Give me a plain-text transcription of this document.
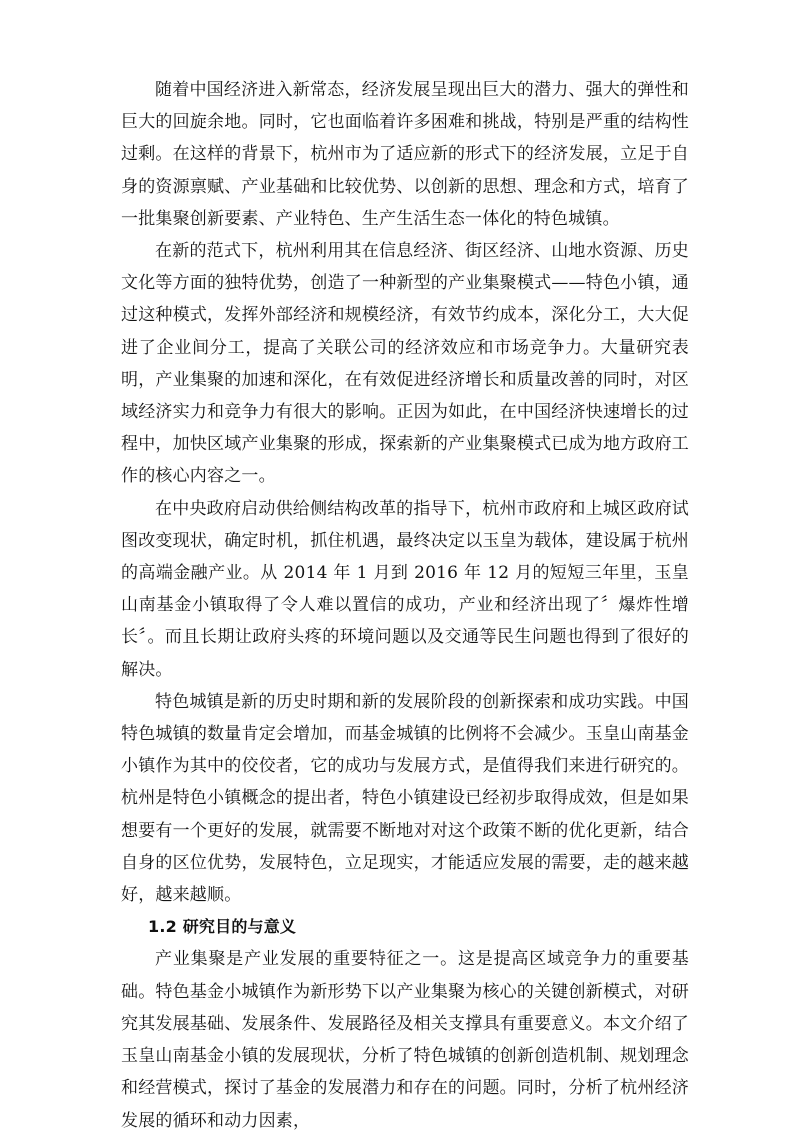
随着中国经济进入新常态，经济发展呈现出巨大的潜力、强大的弹性和巨大的回旋余地。同时，它也面临着许多困难和挑战，特别是严重的结构性过剩。在这样的背景下，杭州市为了适应新的形式下的经济发展，立足于自身的资源禀赋、产业基础和比较优势、以创新的思想、理念和方式，培育了一批集聚创新要素、产业特色、生产生活生态一体化的特色城镇。

在新的范式下，杭州利用其在信息经济、街区经济、山地水资源、历史文化等方面的独特优势，创造了一种新型的产业集聚模式——特色小镇，通过这种模式，发挥外部经济和规模经济，有效节约成本，深化分工，大大促进了企业间分工，提高了关联公司的经济效应和市场竞争力。大量研究表明，产业集聚的加速和深化，在有效促进经济增长和质量改善的同时，对区域经济实力和竞争力有很大的影响。正因为如此，在中国经济快速增长的过程中，加快区域产业集聚的形成，探索新的产业集聚模式已成为地方政府工作的核心内容之一。

在中央政府启动供给侧结构改革的指导下，杭州市政府和上城区政府试图改变现状，确定时机，抓住机遇，最终决定以玉皇为载体，建设属于杭州的高端金融产业。从 2014 年 1 月到 2016 年 12 月的短短三年里，玉皇山南基金小镇取得了令人难以置信的成功，产业和经济出现了〞爆炸性增长〞。而且长期让政府头疼的环境问题以及交通等民生问题也得到了很好的解决。

特色城镇是新的历史时期和新的发展阶段的创新探索和成功实践。中国特色城镇的数量肯定会增加，而基金城镇的比例将不会减少。玉皇山南基金小镇作为其中的佼佼者，它的成功与发展方式，是值得我们来进行研究的。杭州是特色小镇概念的提出者，特色小镇建设已经初步取得成效，但是如果想要有一个更好的发展，就需要不断地对对这个政策不断的优化更新，结合自身的区位优势，发展特色，立足现实，才能适应发展的需要，走的越来越好，越来越顺。

1.2 研究目的与意义

产业集聚是产业发展的重要特征之一。这是提高区域竞争力的重要基础。特色基金小城镇作为新形势下以产业集聚为核心的关键创新模式，对研究其发展基础、发展条件、发展路径及相关支撑具有重要意义。本文介绍了玉皇山南基金小镇的发展现状，分析了特色城镇的创新创造机制、规划理念和经营模式，探讨了基金的发展潜力和存在的问题。同时，分析了杭州经济发展的循环和动力因素，
